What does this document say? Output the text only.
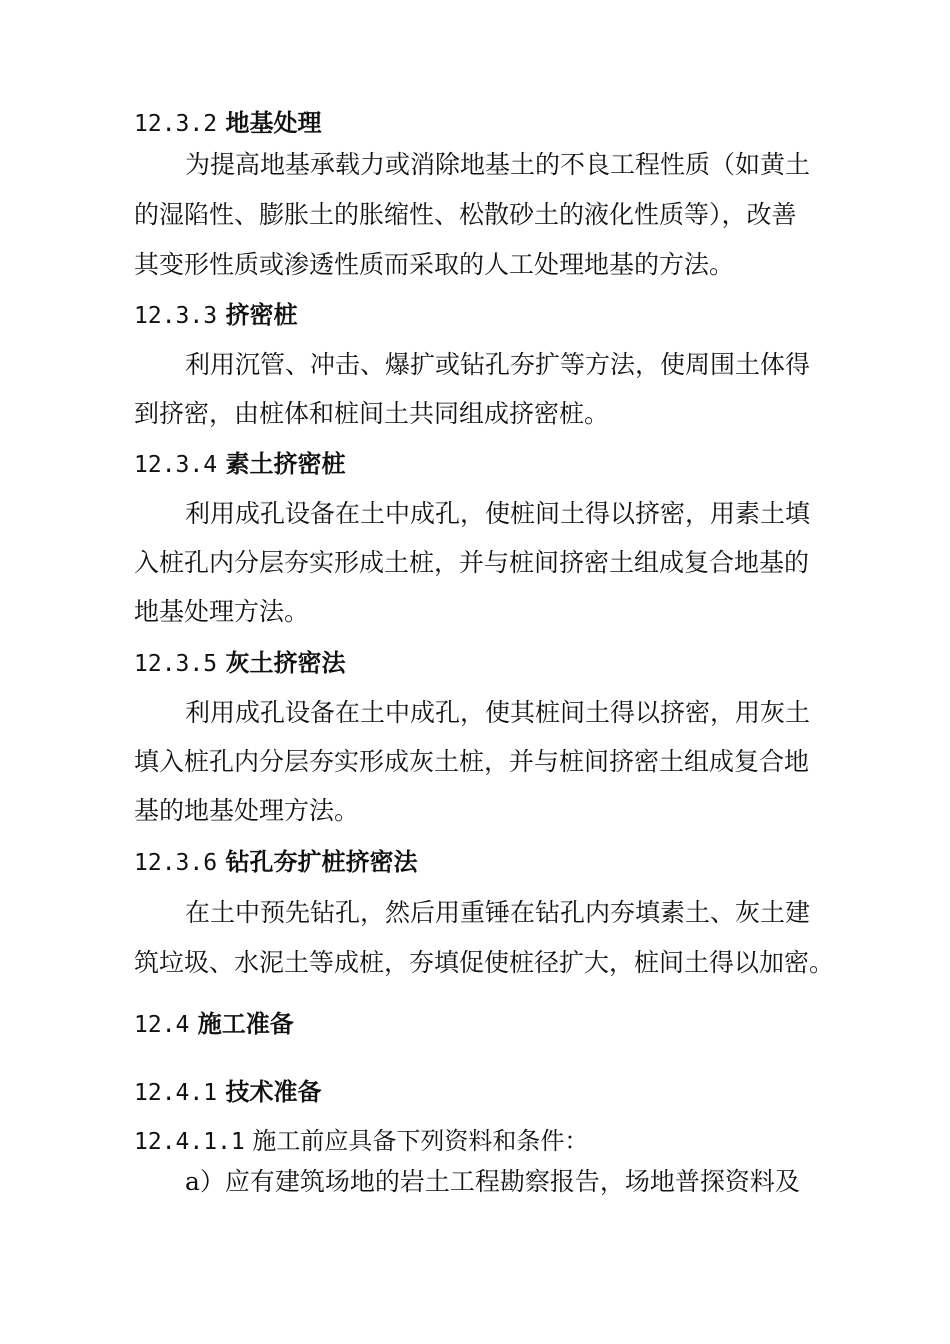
12.3.2 地基处理
为提高地基承载力或消除地基土的不良工程性质（如黄土
的湿陷性、膨胀土的胀缩性、松散砂土的液化性质等），改善
其变形性质或渗透性质而采取的人工处理地基的方法。
12.3.3 挤密桩
利用沉管、冲击、爆扩或钻孔夯扩等方法，使周围土体得
到挤密，由桩体和桩间土共同组成挤密桩。
12.3.4 素土挤密桩
利用成孔设备在土中成孔，使桩间土得以挤密，用素土填
入桩孔内分层夯实形成土桩，并与桩间挤密土组成复合地基的
地基处理方法。
12.3.5 灰土挤密法
利用成孔设备在土中成孔，使其桩间土得以挤密，用灰土
填入桩孔内分层夯实形成灰土桩，并与桩间挤密土组成复合地
基的地基处理方法。
12.3.6 钻孔夯扩桩挤密法
在土中预先钻孔，然后用重锤在钻孔内夯填素土、灰土建
筑垃圾、水泥土等成桩，夯填促使桩径扩大，桩间土得以加密。
12.4 施工准备
12.4.1 技术准备
12.4.1.1 施工前应具备下列资料和条件：
a）应有建筑场地的岩土工程勘察报告，场地普探资料及
